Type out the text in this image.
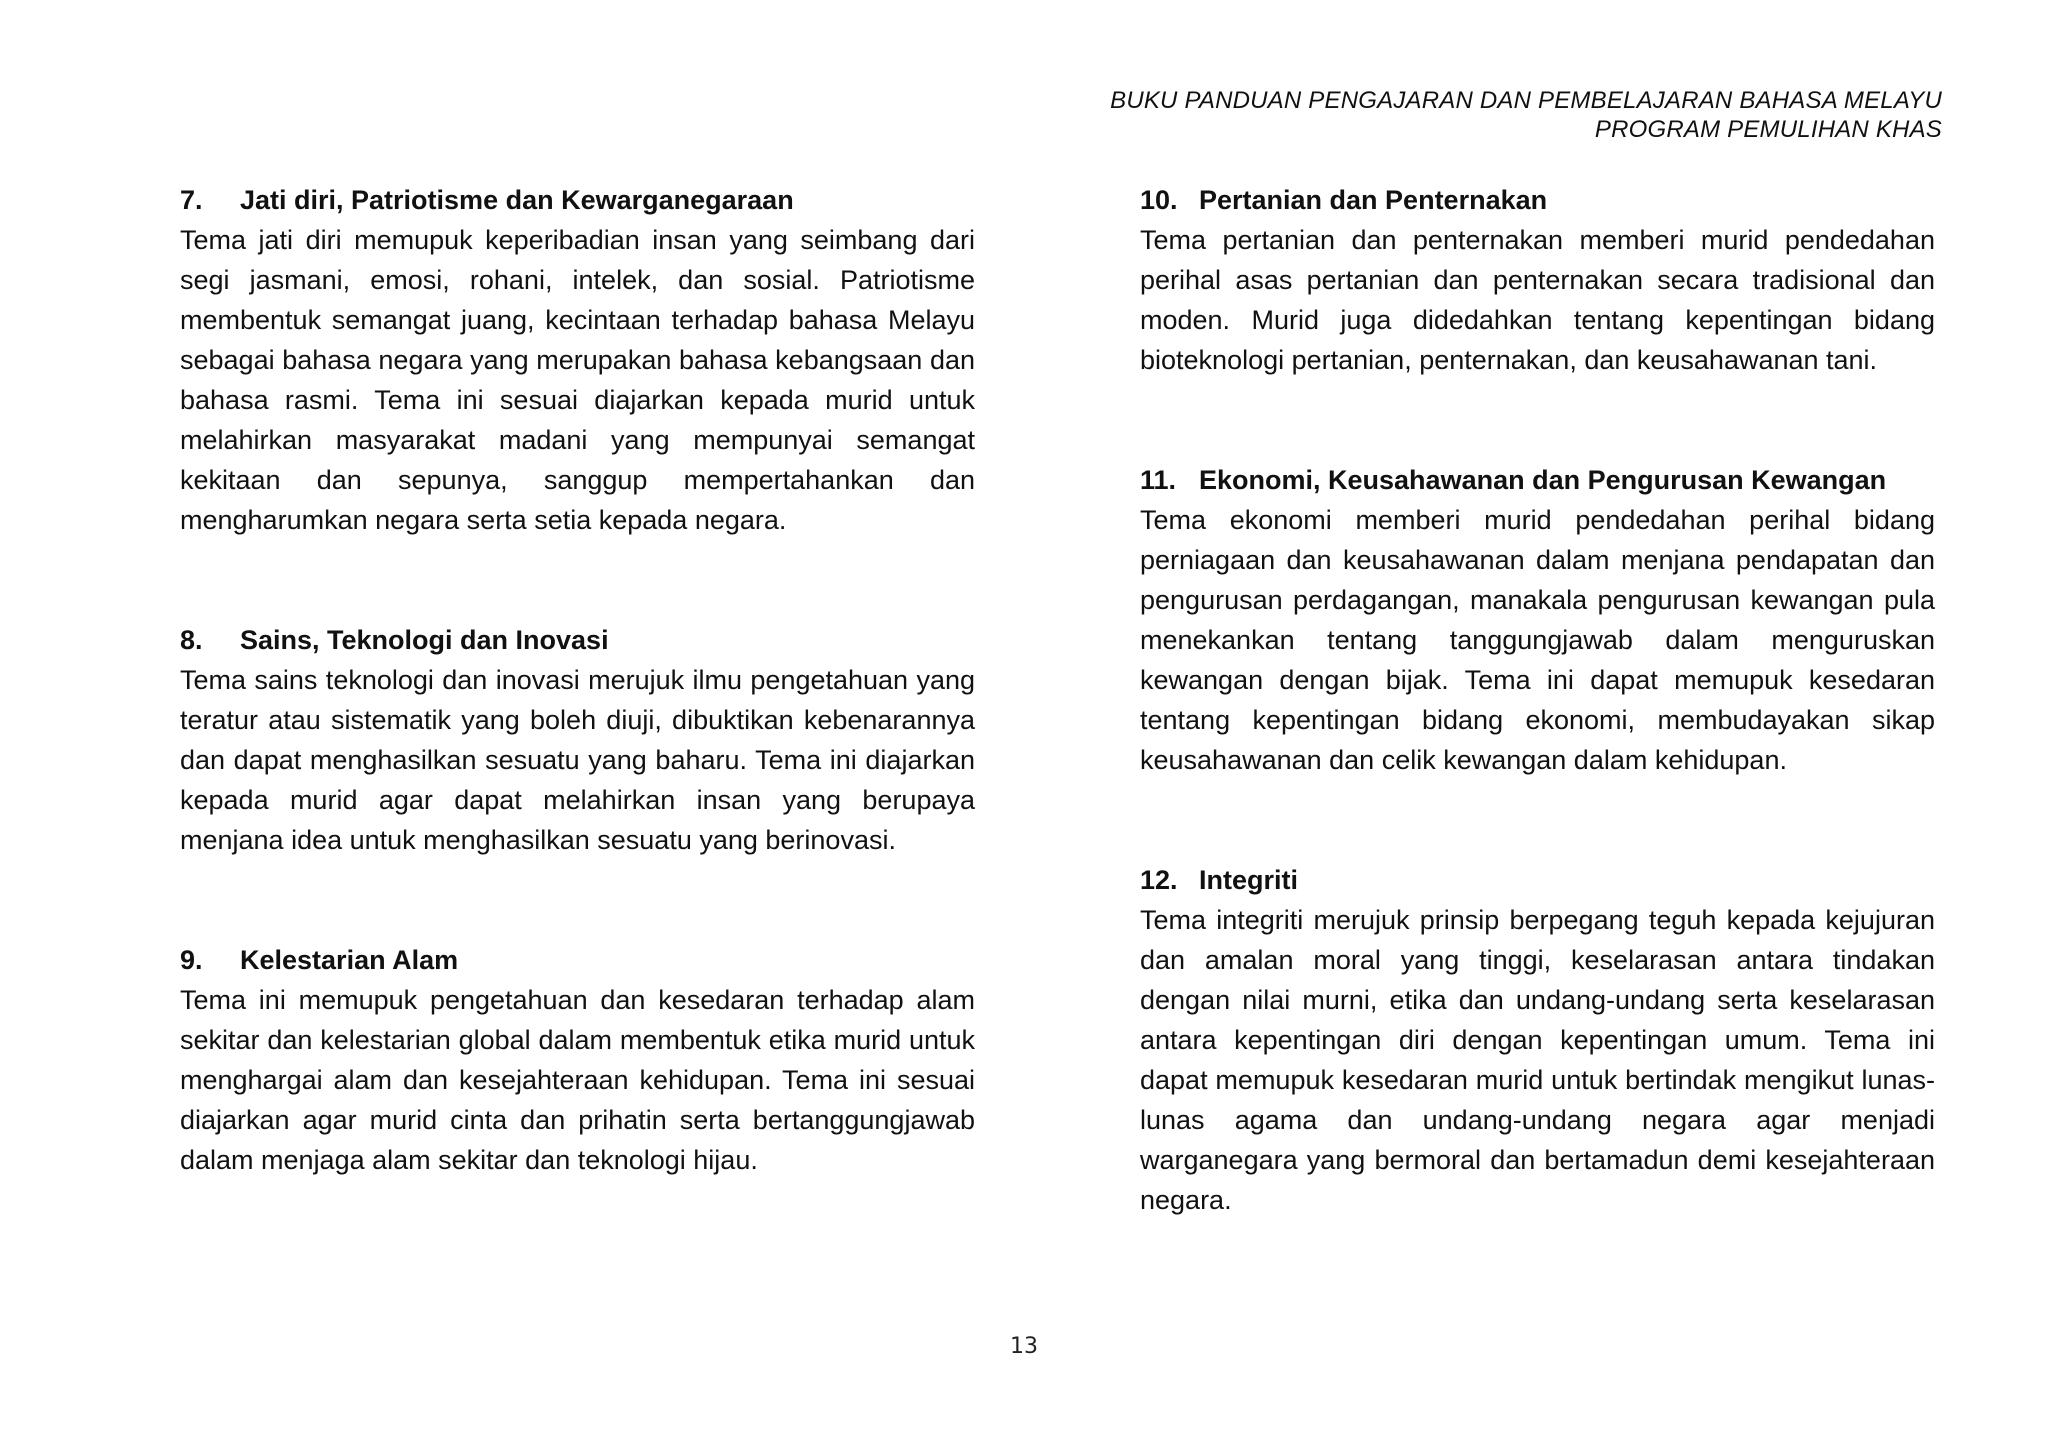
BUKU PANDUAN PENGAJARAN DAN PEMBELAJARAN BAHASA MELAYU
PROGRAM PEMULIHAN KHAS
7.	Jati diri, Patriotisme dan Kewarganegaraan

Tema jati diri memupuk keperibadian insan yang seimbang dari segi jasmani, emosi, rohani, intelek, dan sosial. Patriotisme membentuk semangat juang, kecintaan terhadap bahasa Melayu sebagai bahasa negara yang merupakan bahasa kebangsaan dan bahasa rasmi. Tema ini sesuai diajarkan kepada murid untuk melahirkan masyarakat madani yang mempunyai semangat kekitaan dan sepunya, sanggup mempertahankan dan mengharumkan negara serta setia kepada negara.

8.	Sains, Teknologi dan Inovasi

Tema sains teknologi dan inovasi merujuk ilmu pengetahuan yang teratur atau sistematik yang boleh diuji, dibuktikan kebenarannya dan dapat menghasilkan sesuatu yang baharu. Tema ini diajarkan kepada murid agar dapat melahirkan insan yang berupaya menjana idea untuk menghasilkan sesuatu yang berinovasi.

9.	Kelestarian Alam

Tema ini memupuk pengetahuan dan kesedaran terhadap alam sekitar dan kelestarian global dalam membentuk etika murid untuk menghargai alam dan kesejahteraan kehidupan. Tema ini sesuai diajarkan agar murid cinta dan prihatin serta bertanggungjawab dalam menjaga alam sekitar dan teknologi hijau.

10. Pertanian dan Penternakan

Tema pertanian dan penternakan memberi murid pendedahan perihal asas pertanian dan penternakan secara tradisional dan moden. Murid juga didedahkan tentang kepentingan bidang bioteknologi pertanian, penternakan, dan keusahawanan tani.

11. Ekonomi, Keusahawanan dan Pengurusan Kewangan

Tema ekonomi memberi murid pendedahan perihal bidang perniagaan dan keusahawanan dalam menjana pendapatan dan pengurusan perdagangan, manakala pengurusan kewangan pula menekankan tentang tanggungjawab dalam menguruskan kewangan dengan bijak. Tema ini dapat memupuk kesedaran tentang kepentingan bidang ekonomi, membudayakan sikap keusahawanan dan celik kewangan dalam kehidupan.

12. Integriti

Tema integriti merujuk prinsip berpegang teguh kepada kejujuran dan amalan moral yang tinggi, keselarasan antara tindakan dengan nilai murni, etika dan undang-undang serta keselarasan antara kepentingan diri dengan kepentingan umum. Tema ini dapat memupuk kesedaran murid untuk bertindak mengikut lunas-lunas agama dan undang-undang negara agar menjadi warganegara yang bermoral dan bertamadun demi kesejahteraan negara.

13
